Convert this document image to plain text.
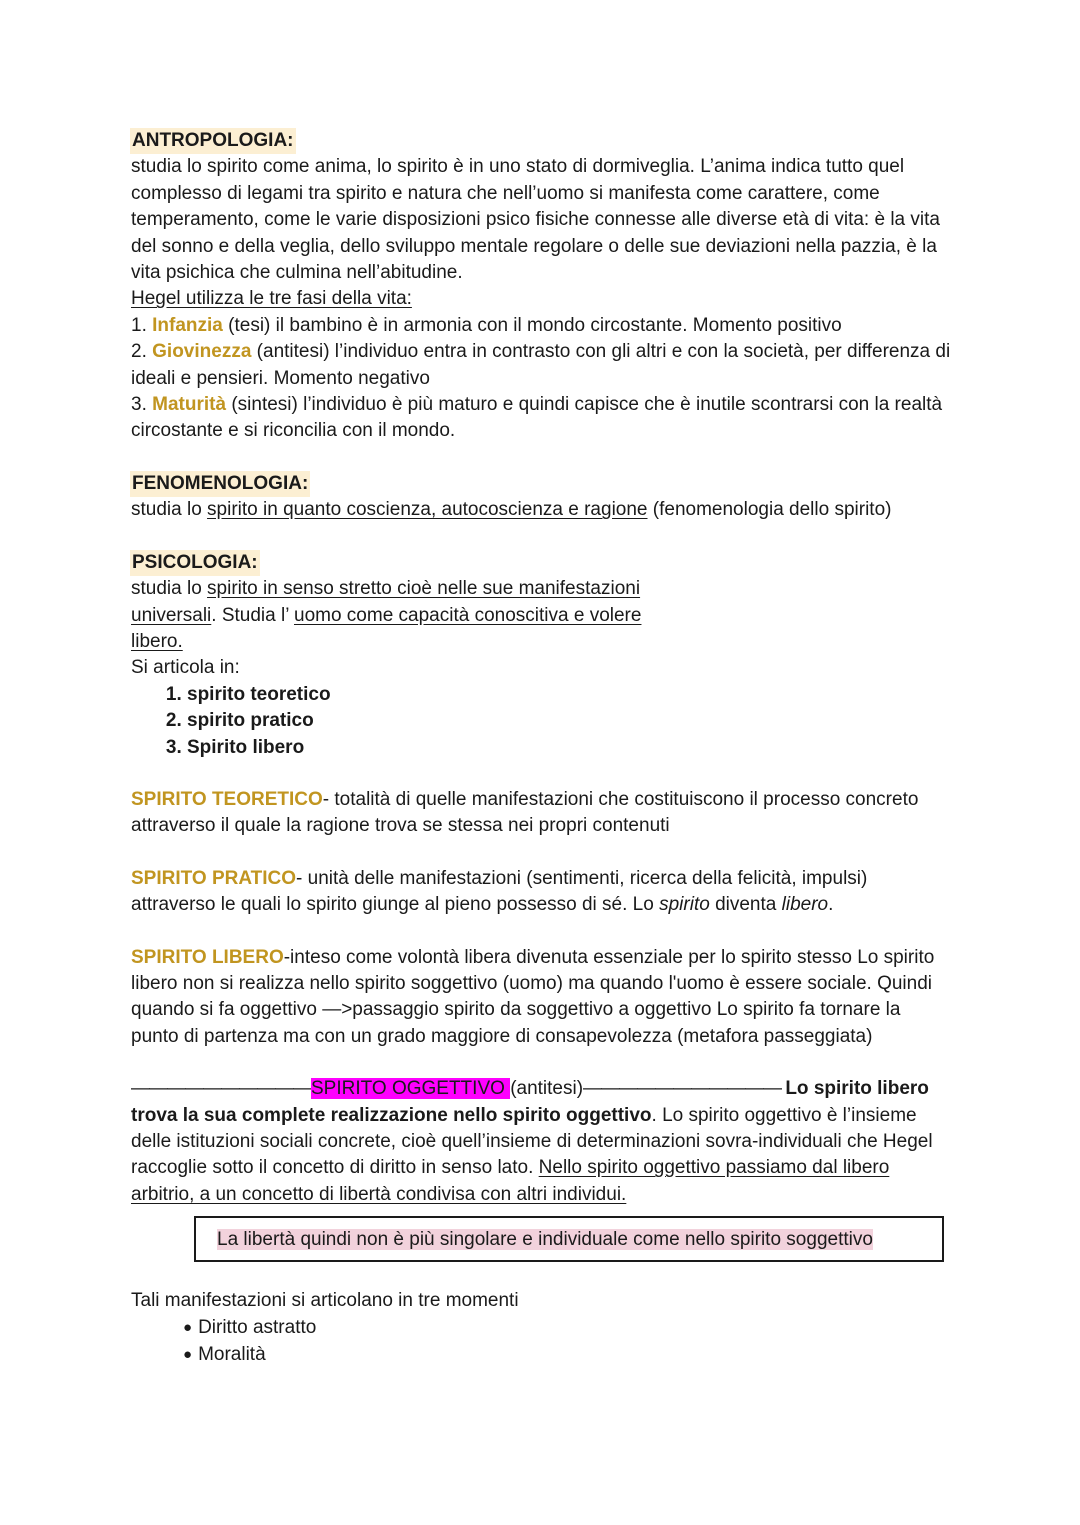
ANTROPOLOGIA:

studia lo spirito come anima, lo spirito è in uno stato di dormiveglia. L’anima indica tutto quel complesso di legami tra spirito e natura che nell’uomo si manifesta come carattere, come temperamento, come le varie disposizioni psico fisiche connesse alle diverse età di vita: è la vita del sonno e della veglia, dello sviluppo mentale regolare o delle sue deviazioni nella pazzia, è la vita psichica che culmina nell’abitudine.

Hegel utilizza le tre fasi della vita:

1. Infanzia (tesi) il bambino è in armonia con il mondo circostante. Momento positivo

2. Giovinezza (antitesi) l’individuo entra in contrasto con gli altri e con la società, per differenza di ideali e pensieri. Momento negativo

3. Maturità (sintesi) l’individuo è più maturo e quindi capisce che è inutile scontrarsi con la realtà circostante e si riconcilia con il mondo.

FENOMENOLOGIA:

studia lo spirito in quanto coscienza, autocoscienza e ragione (fenomenologia dello spirito)

PSICOLOGIA:

studia lo spirito in senso stretto cioè nelle sue manifestazioni universali. Studia l’ uomo come capacità conoscitiva e volere libero.

Si articola in:

1. spirito teoretico
2. spirito pratico
3. Spirito libero

SPIRITO TEORETICO- totalità di quelle manifestazioni che costituiscono il processo concreto attraverso il quale la ragione trova se stessa nei propri contenuti

SPIRITO PRATICO- unità delle manifestazioni (sentimenti, ricerca della felicità, impulsi) attraverso le quali lo spirito giunge al pieno possesso di sé. Lo spirito diventa libero.

SPIRITO LIBERO-inteso come volontà libera divenuta essenziale per lo spirito stesso Lo spirito libero non si realizza nello spirito soggettivo (uomo) ma quando l'uomo è essere sociale. Quindi quando si fa oggettivo —>passaggio spirito da soggettivo a oggettivo Lo spirito fa tornare la punto di partenza ma con un grado maggiore di consapevolezza (metafora passeggiata)

——————————SPIRITO OGGETTIVO (antitesi)——————————— Lo spirito libero trova la sua complete realizzazione nello spirito oggettivo. Lo spirito oggettivo è l’insieme delle istituzioni sociali concrete, cioè quell’insieme di determinazioni sovra-individuali che Hegel raccoglie sotto il concetto di diritto in senso lato. Nello spirito oggettivo passiamo dal libero arbitrio, a un concetto di libertà condivisa con altri individui.

La libertà quindi non è più singolare e individuale come nello spirito soggettivo

Tali manifestazioni si articolano in tre momenti

● Diritto astratto
● Moralità
